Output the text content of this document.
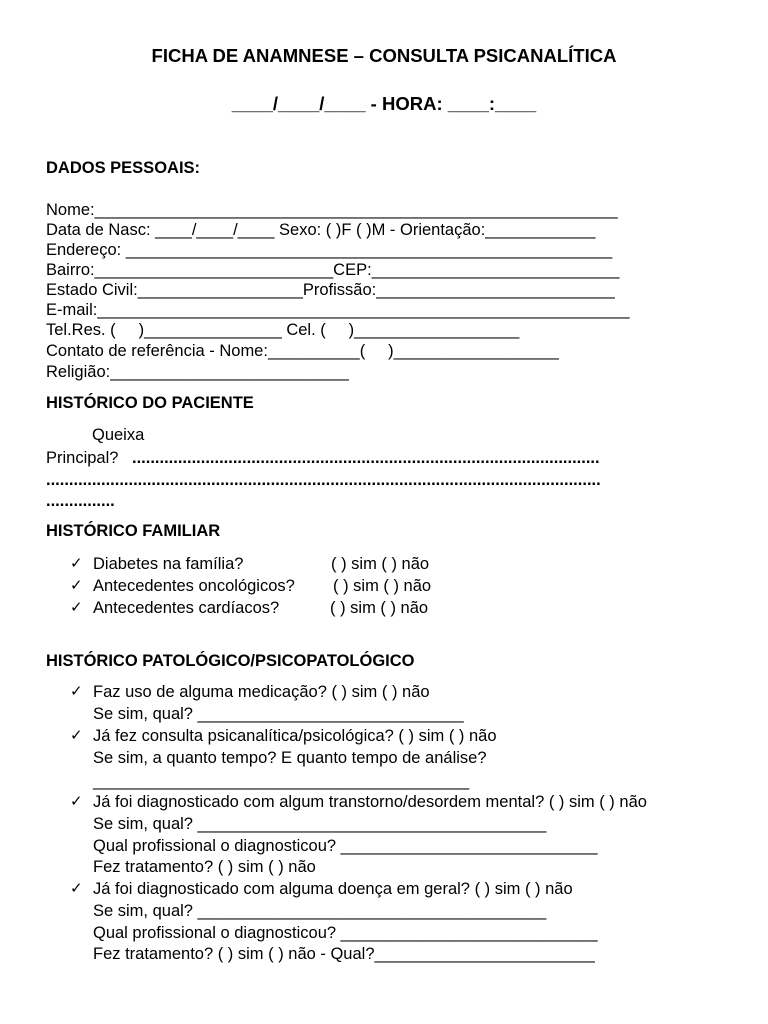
FICHA DE ANAMNESE – CONSULTA PSICANALÍTICA
____/____/____ - HORA: ____:____
DADOS PESSOAIS:
Nome:_________________________________________________________
Data de Nasc: ____/____/____ Sexo: ( )F ( )M - Orientação:____________
Endereço: _____________________________________________________
Bairro:__________________________CEP:___________________________
Estado Civil:__________________Profissão:__________________________
E-mail:__________________________________________________________
Tel.Res. (     )_______________ Cel. (     )__________________
Contato de referência - Nome:__________(     )__________________
Religião:__________________________
HISTÓRICO DO PACIENTE
Queixa
Principal? ......................................................................................................
.........................................................................................................................
...............
HISTÓRICO FAMILIAR
✓ Diabetes na família?	( ) sim ( ) não
✓ Antecedentes oncológicos? ( ) sim ( ) não
✓ Antecedentes cardíacos?	( ) sim ( ) não
HISTÓRICO PATOLÓGICO/PSICOPATOLÓGICO
✓ Faz uso de alguma medicação? ( ) sim ( ) não
Se sim, qual? _____________________________
✓ Já fez consulta psicanalítica/psicológica? ( ) sim ( ) não
Se sim, a quanto tempo? E quanto tempo de análise?
_________________________________________
✓ Já foi diagnosticado com algum transtorno/desordem mental? ( ) sim ( ) não
Se sim, qual? ______________________________________
Qual profissional o diagnosticou? ____________________________
Fez tratamento? ( ) sim ( ) não
✓ Já foi diagnosticado com alguma doença em geral? ( ) sim ( ) não
Se sim, qual? ______________________________________
Qual profissional o diagnosticou? ____________________________
Fez tratamento? ( ) sim ( ) não - Qual?________________________
